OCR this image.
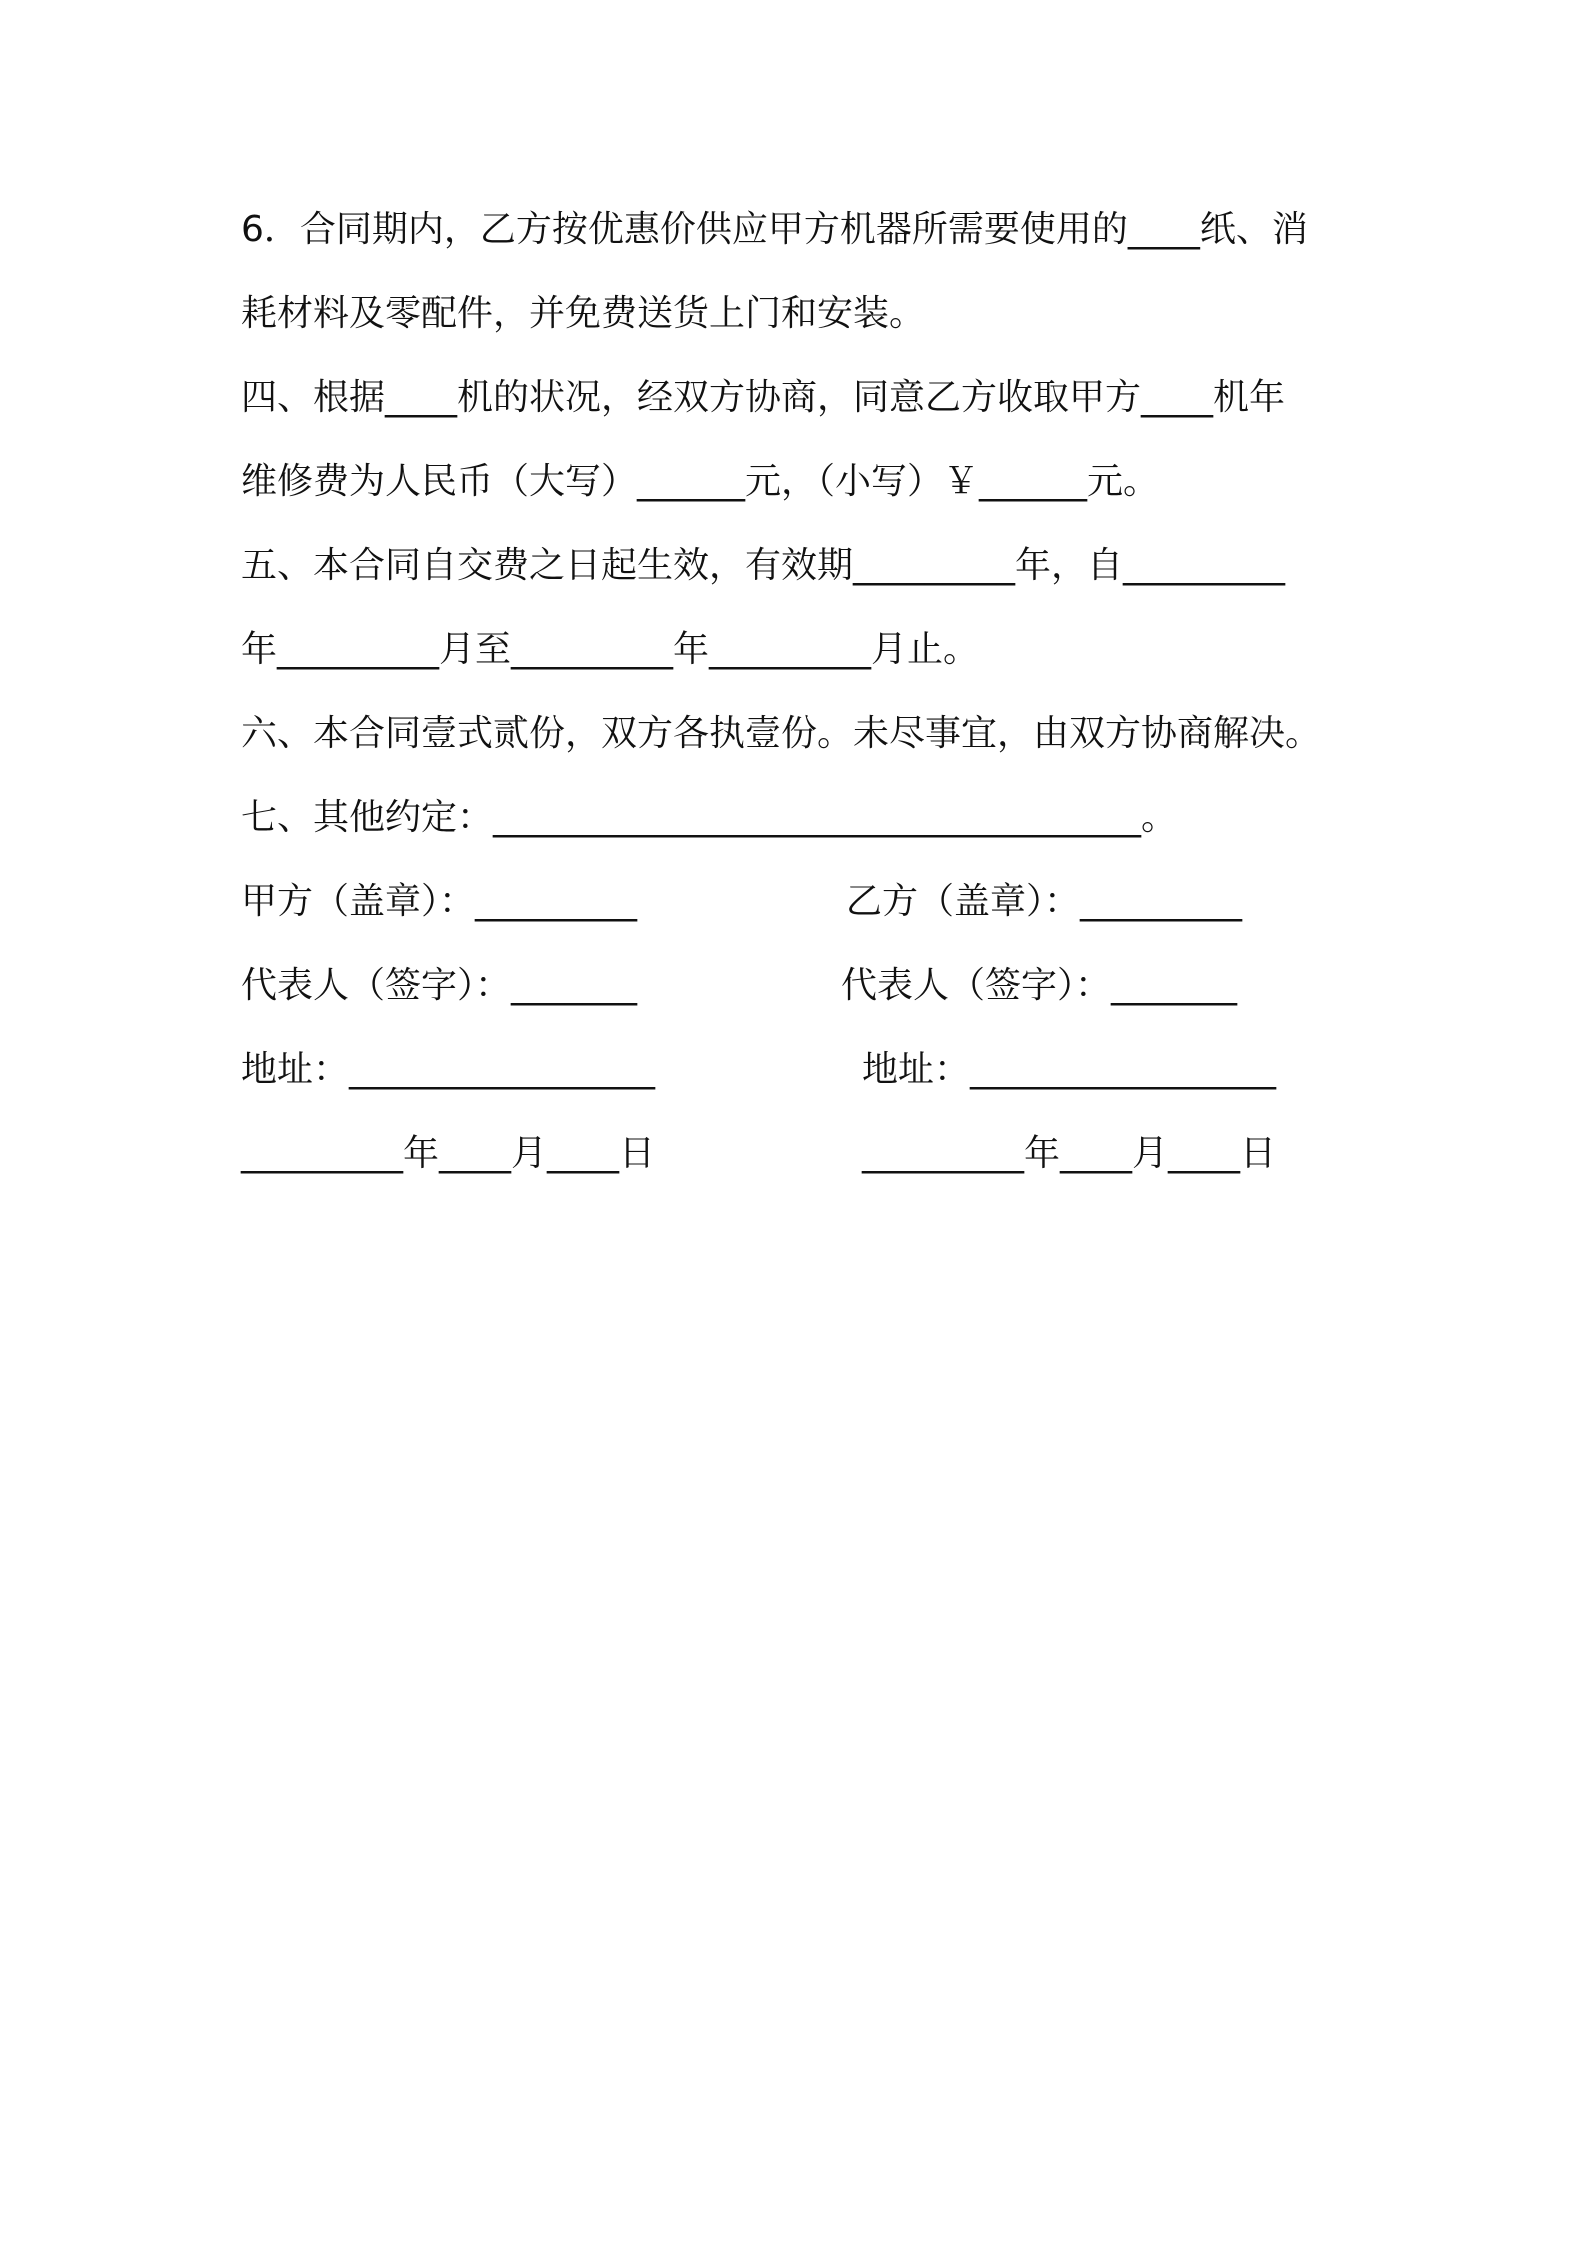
6．合同期内，乙方按优惠价供应甲方机器所需要使用的____纸、消
耗材料及零配件，并免费送货上门和安装。
四、根据____机的状况，经双方协商，同意乙方收取甲方____机年
维修费为人民币（大写）______元，（小写）￥______元。
五、本合同自交费之日起生效，有效期_________年，自_________
年_________月至_________年_________月止。
六、本合同壹式贰份，双方各执壹份。未尽事宜，由双方协商解决。
七、其他约定：____________________________________。
甲方（盖章）：_________	乙方（盖章）：_________
代表人（签字）：_______	代表人（签字）：_______
地址：_________________	地址：_________________
_________年____月____日	_________年____月____日
